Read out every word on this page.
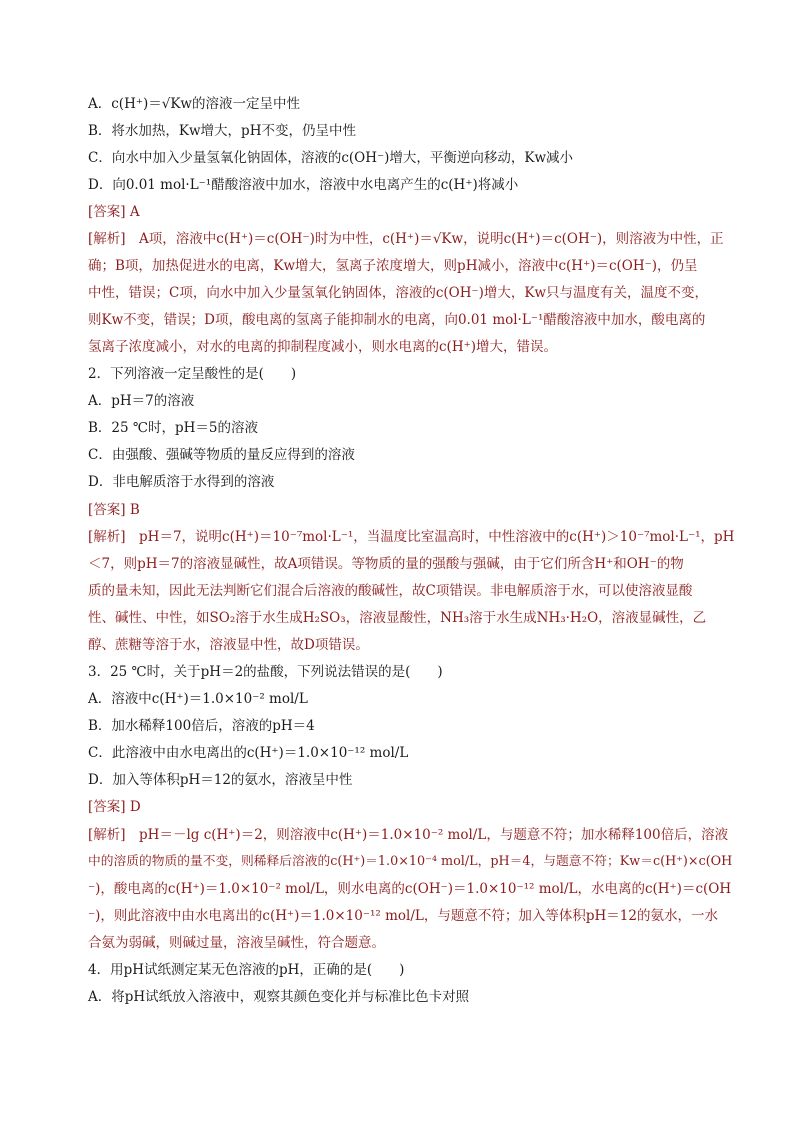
A．c(H⁺)＝√Kw的溶液一定呈中性
B．将水加热，Kw增大，pH不变，仍呈中性
C．向水中加入少量氢氧化钠固体，溶液的c(OH⁻)增大，平衡逆向移动，Kw减小
D．向0.01 mol·L⁻¹醋酸溶液中加水，溶液中水电离产生的c(H⁺)将减小
[答案] A
[解析]　A项，溶液中c(H⁺)＝c(OH⁻)时为中性，c(H⁺)＝√Kw，说明c(H⁺)＝c(OH⁻)，则溶液为中性，正
确；B项，加热促进水的电离，Kw增大，氢离子浓度增大，则pH减小，溶液中c(H⁺)＝c(OH⁻)，仍呈
中性，错误；C项，向水中加入少量氢氧化钠固体，溶液的c(OH⁻)增大，Kw只与温度有关，温度不变，
则Kw不变，错误；D项，酸电离的氢离子能抑制水的电离，向0.01 mol·L⁻¹醋酸溶液中加水，酸电离的
氢离子浓度减小，对水的电离的抑制程度减小，则水电离的c(H⁺)增大，错误。
2．下列溶液一定呈酸性的是(　　)
A．pH＝7的溶液
B．25 ℃时，pH＝5的溶液
C．由强酸、强碱等物质的量反应得到的溶液
D．非电解质溶于水得到的溶液
[答案] B
[解析]　pH＝7，说明c(H⁺)＝10⁻⁷mol·L⁻¹，当温度比室温高时，中性溶液中的c(H⁺)＞10⁻⁷mol·L⁻¹，pH
＜7，则pH＝7的溶液显碱性，故A项错误。等物质的量的强酸与强碱，由于它们所含H⁺和OH⁻的物
质的量未知，因此无法判断它们混合后溶液的酸碱性，故C项错误。非电解质溶于水，可以使溶液显酸
性、碱性、中性，如SO₂溶于水生成H₂SO₃，溶液显酸性，NH₃溶于水生成NH₃·H₂O，溶液显碱性，乙
醇、蔗糖等溶于水，溶液显中性，故D项错误。
3．25 ℃时，关于pH＝2的盐酸，下列说法错误的是(　　)
A．溶液中c(H⁺)＝1.0×10⁻² mol/L
B．加水稀释100倍后，溶液的pH＝4
C．此溶液中由水电离出的c(H⁺)＝1.0×10⁻¹² mol/L
D．加入等体积pH＝12的氨水，溶液呈中性
[答案] D
[解析]　pH＝－lg c(H⁺)＝2，则溶液中c(H⁺)＝1.0×10⁻² mol/L，与题意不符；加水稀释100倍后，溶液
中的溶质的物质的量不变，则稀释后溶液的c(H⁺)＝1.0×10⁻⁴ mol/L，pH＝4，与题意不符；Kw＝c(H⁺)×c(OH
⁻)，酸电离的c(H⁺)＝1.0×10⁻² mol/L，则水电离的c(OH⁻)＝1.0×10⁻¹² mol/L，水电离的c(H⁺)＝c(OH
⁻)，则此溶液中由水电离出的c(H⁺)＝1.0×10⁻¹² mol/L，与题意不符；加入等体积pH＝12的氨水，一水
合氨为弱碱，则碱过量，溶液呈碱性，符合题意。
4．用pH试纸测定某无色溶液的pH，正确的是(　　)
A．将pH试纸放入溶液中，观察其颜色变化并与标准比色卡对照
